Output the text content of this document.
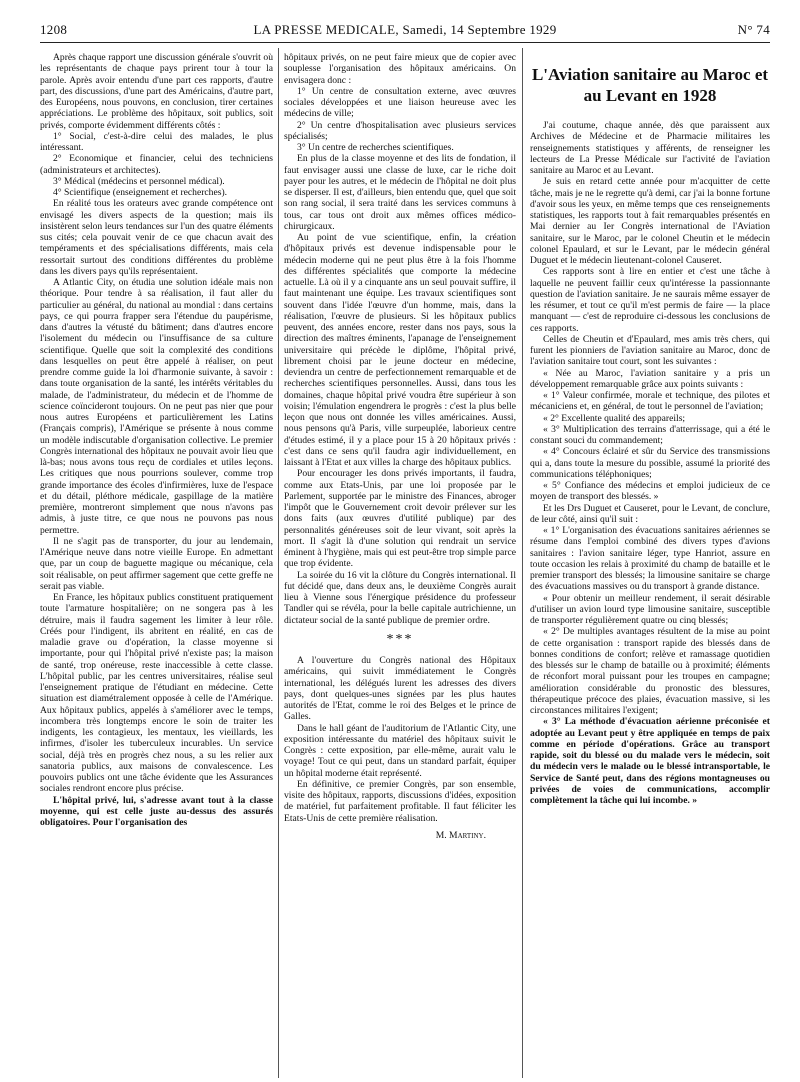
1208	LA PRESSE MEDICALE, Samedi, 14 Septembre 1929	N° 74

Après chaque rapport une discussion générale s'ouvrit où les représentants de chaque pays prirent tour à tour la parole. Après avoir entendu d'une part ces rapports, d'autre part, des discussions, d'une part des Américains, d'autre part, des Européens, nous pouvons, en conclusion, tirer certaines appréciations. Le problème des hôpitaux, soit publics, soit privés, comporte évidemment différents côtés :

1° Social, c'est-à-dire celui des malades, le plus intéressant.

2° Economique et financier, celui des techniciens (administrateurs et architectes).

3° Médical (médecins et personnel médical).

4° Scientifique (enseignement et recherches).

En réalité tous les orateurs avec grande compétence ont envisagé les divers aspects de la question; mais ils insistèrent selon leurs tendances sur l'un des quatre éléments sus cités; cela pouvait venir de ce que chacun avait des tempéraments et des spécialisations différents, mais cela ressortait surtout des conditions différentes du problème dans les divers pays qu'ils représentaient.

A Atlantic City, on étudia une solution idéale mais non théorique. Pour tendre à sa réalisation, il faut aller du particulier au général, du national au mondial : dans certains pays, ce qui pourra frapper sera l'étendue du paupérisme, dans d'autres la vétusté du bâtiment; dans d'autres encore l'isolement du médecin ou l'insuffisance de sa culture scientifique. Quelle que soit la complexité des conditions dans lesquelles on peut être appelé à réaliser, on peut prendre comme guide la loi d'harmonie suivante, à savoir : dans toute organisation de la santé, les intérêts véritables du malade, de l'administrateur, du médecin et de l'homme de science coïncideront toujours. On ne peut pas nier que pour nous autres Européens et particulièrement les Latins (Français compris), l'Amérique se présente à nous comme un modèle indiscutable d'organisation collective. Le premier Congrès international des hôpitaux ne pouvait avoir lieu que là-bas; nous avons tous reçu de cordiales et utiles leçons. Les critiques que nous pourrions soulever, comme trop grande importance des écoles d'infirmières, luxe de l'espace et du détail, pléthore médicale, gaspillage de la matière première, montreront simplement que nous n'avons pas admis, à juste titre, ce que nous ne pouvons pas nous permettre.

Il ne s'agit pas de transporter, du jour au lendemain, l'Amérique neuve dans notre vieille Europe. En admettant que, par un coup de baguette magique ou mécanique, cela soit réalisable, on peut affirmer sagement que cette greffe ne serait pas viable.

En France, les hôpitaux publics constituent pratiquement toute l'armature hospitalière; on ne songera pas à les détruire, mais il faudra sagement les limiter à leur rôle. Créés pour l'indigent, ils abritent en réalité, en cas de maladie grave ou d'opération, la classe moyenne si importante, pour qui l'hôpital privé n'existe pas; la maison de santé, trop onéreuse, reste inaccessible à cette classe. L'hôpital public, par les centres universitaires, réalise seul l'enseignement pratique de l'étudiant en médecine. Cette situation est diamétralement opposée à celle de l'Amérique. Aux hôpitaux publics, appelés à s'améliorer avec le temps, incombera très longtemps encore le soin de traiter les indigents, les contagieux, les mentaux, les vieillards, les infirmes, d'isoler les tuberculeux incurables. Un service social, déjà très en progrès chez nous, a su les relier aux sanatoria publics, aux maisons de convalescence. Les pouvoirs publics ont une tâche évidente que les Assurances sociales rendront encore plus précise.

L'hôpital privé, lui, s'adresse avant tout à la classe moyenne, qui est celle juste au-dessus des assurés obligatoires. Pour l'organisation des

hôpitaux privés, on ne peut faire mieux que de copier avec souplesse l'organisation des hôpitaux américains. On envisagera donc :

1° Un centre de consultation externe, avec œuvres sociales développées et une liaison heureuse avec les médecins de ville;

2° Un centre d'hospitalisation avec plusieurs services spécialisés;

3° Un centre de recherches scientifiques.

En plus de la classe moyenne et des lits de fondation, il faut envisager aussi une classe de luxe, car le riche doit payer pour les autres, et le médecin de l'hôpital ne doit plus se disperser. Il est, d'ailleurs, bien entendu que, quel que soit son rang social, il sera traité dans les services communs à tous, car tous ont droit aux mêmes offices médico-chirurgicaux.

Au point de vue scientifique, enfin, la création d'hôpitaux privés est devenue indispensable pour le médecin moderne qui ne peut plus être à la fois l'homme des différentes spécialités que comporte la médecine actuelle. Là où il y a cinquante ans un seul pouvait suffire, il faut maintenant une équipe. Les travaux scientifiques sont souvent dans l'idée l'œuvre d'un homme, mais, dans la réalisation, l'œuvre de plusieurs. Si les hôpitaux publics peuvent, des années encore, rester dans nos pays, sous la direction des maîtres éminents, l'apanage de l'enseignement universitaire qui précède le diplôme, l'hôpital privé, librement choisi par le jeune docteur en médecine, deviendra un centre de perfectionnement remarquable et de recherches scientifiques personnelles. Aussi, dans tous les domaines, chaque hôpital privé voudra être supérieur à son voisin; l'émulation engendrera le progrès : c'est la plus belle leçon que nous ont donnée les villes américaines. Aussi, nous pensons qu'à Paris, ville surpeuplée, laborieux centre d'études estimé, il y a place pour 15 à 20 hôpitaux privés : c'est dans ce sens qu'il faudra agir individuellement, en laissant à l'Etat et aux villes la charge des hôpitaux publics.

Pour encourager les dons privés importants, il faudra, comme aux Etats-Unis, par une loi proposée par le Parlement, supportée par le ministre des Finances, abroger l'impôt que le Gouvernement croit devoir prélever sur les dons faits (aux œuvres d'utilité publique) par des personnalités généreuses soit de leur vivant, soit après la mort. Il s'agit là d'une solution qui rendrait un service éminent à l'hygiène, mais qui est peut-être trop simple parce que trop évidente.

La soirée du 16 vit la clôture du Congrès international. Il fut décidé que, dans deux ans, le deuxième Congrès aurait lieu à Vienne sous l'énergique présidence du professeur Tandler qui se révéla, pour la belle capitale autrichienne, un dictateur social de la santé publique de premier ordre.

***

A l'ouverture du Congrès national des Hôpitaux américains, qui suivit immédiatement le Congrès international, les délégués lurent les adresses des divers pays, dont quelques-unes signées par les plus hautes autorités de l'Etat, comme le roi des Belges et le prince de Galles.

Dans le hall géant de l'auditorium de l'Atlantic City, une exposition intéressante du matériel des hôpitaux suivit le Congrès : cette exposition, par elle-même, aurait valu le voyage! Tout ce qui peut, dans un standard parfait, équiper un hôpital moderne était représenté.

En définitive, ce premier Congrès, par son ensemble, visite des hôpitaux, rapports, discussions d'idées, exposition de matériel, fut parfaitement profitable. Il faut féliciter les Etats-Unis de cette première réalisation.

M. Martiny.
L'Aviation sanitaire au Maroc et au Levant en 1928

J'ai coutume, chaque année, dès que paraissent aux Archives de Médecine et de Pharmacie militaires les renseignements statistiques y afférents, de renseigner les lecteurs de La Presse Médicale sur l'activité de l'aviation sanitaire au Maroc et au Levant.

Je suis en retard cette année pour m'acquitter de cette tâche, mais je ne le regrette qu'à demi, car j'ai la bonne fortune d'avoir sous les yeux, en même temps que ces renseignements statistiques, les rapports tout à fait remarquables présentés en Mai dernier au Ier Congrès international de l'Aviation sanitaire, sur le Maroc, par le colonel Cheutin et le médecin colonel Epaulard, et sur le Levant, par le médecin général Duguet et le médecin lieutenant-colonel Causeret.

Ces rapports sont à lire en entier et c'est une tâche à laquelle ne peuvent faillir ceux qu'intéresse la passionnante question de l'aviation sanitaire. Je ne saurais même essayer de les résumer, et tout ce qu'il m'est permis de faire — la place manquant — c'est de reproduire ci-dessous les conclusions de ces rapports.

Celles de Cheutin et d'Epaulard, mes amis très chers, qui furent les pionniers de l'aviation sanitaire au Maroc, donc de l'aviation sanitaire tout court, sont les suivantes :

« Née au Maroc, l'aviation sanitaire y a pris un développement remarquable grâce aux points suivants :

« 1° Valeur confirmée, morale et technique, des pilotes et mécaniciens et, en général, de tout le personnel de l'aviation;

« 2° Excellente qualité des appareils;

« 3° Multiplication des terrains d'atterrissage, qui a été le constant souci du commandement;

« 4° Concours éclairé et sûr du Service des transmissions qui a, dans toute la mesure du possible, assumé la priorité des communications téléphoniques;

« 5° Confiance des médecins et emploi judicieux de ce moyen de transport des blessés. »

Et les Drs Duguet et Causeret, pour le Levant, de conclure, de leur côté, ainsi qu'il suit :

« 1° L'organisation des évacuations sanitaires aériennes se résume dans l'emploi combiné des divers types d'avions sanitaires : l'avion sanitaire léger, type Hanriot, assure en toute occasion les relais à proximité du champ de bataille et le premier transport des blessés; la limousine sanitaire se charge des évacuations massives ou du transport à grande distance.

« Pour obtenir un meilleur rendement, il serait désirable d'utiliser un avion lourd type limousine sanitaire, susceptible de transporter régulièrement quatre ou cinq blessés;

« 2° De multiples avantages résultent de la mise au point de cette organisation : transport rapide des blessés dans de bonnes conditions de confort; relève et ramassage quotidien des blessés sur le champ de bataille ou à proximité; éléments de réconfort moral puissant pour les troupes en campagne; amélioration considérable du pronostic des blessures, thérapeutique précoce des plaies, évacuation massive, si les circonstances militaires l'exigent;

« 3° La méthode d'évacuation aérienne préconisée et adoptée au Levant peut y être appliquée en temps de paix comme en période d'opérations. Grâce au transport rapide, soit du blessé ou du malade vers le médecin, soit du médecin vers le malade ou le blessé intransportable, le Service de Santé peut, dans des régions montagneuses ou privées de voies de communications, accomplir complètement la tâche qui lui incombe. »
